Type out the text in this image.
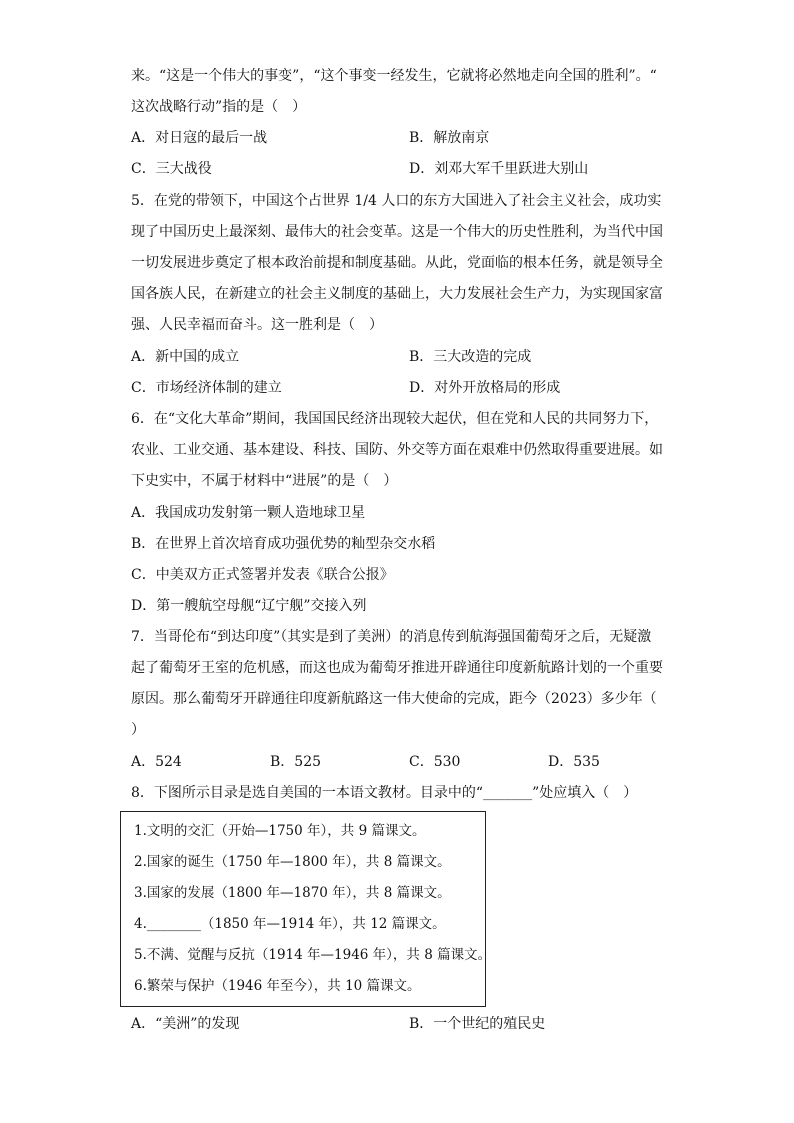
来。“这是一个伟大的事变”，“这个事变一经发生，它就将必然地走向全国的胜利”。“
这次战略行动”指的是（　）
A．对日寇的最后一战	B．解放南京
C．三大战役	D．刘邓大军千里跃进大别山
5．在党的带领下，中国这个占世界 1/4 人口的东方大国进入了社会主义社会，成功实
现了中国历史上最深刻、最伟大的社会变革。这是一个伟大的历史性胜利，为当代中国
一切发展进步奠定了根本政治前提和制度基础。从此，党面临的根本任务，就是领导全
国各族人民，在新建立的社会主义制度的基础上，大力发展社会生产力，为实现国家富
强、人民幸福而奋斗。这一胜利是（　）
A．新中国的成立	B．三大改造的完成
C．市场经济体制的建立	D．对外开放格局的形成
6．在“文化大革命”期间，我国国民经济出现较大起伏，但在党和人民的共同努力下，
农业、工业交通、基本建设、科技、国防、外交等方面在艰难中仍然取得重要进展。如
下史实中，不属于材料中“进展”的是（　）
A．我国成功发射第一颗人造地球卫星
B．在世界上首次培育成功强优势的籼型杂交水稻
C．中美双方正式签署并发表《联合公报》
D．第一艘航空母舰“辽宁舰”交接入列
7．当哥伦布“到达印度”（其实是到了美洲）的消息传到航海强国葡萄牙之后，无疑激
起了葡萄牙王室的危机感，而这也成为葡萄牙推进开辟通往印度新航路计划的一个重要
原因。那么葡萄牙开辟通往印度新航路这一伟大使命的完成，距今（2023）多少年（
）
A．524	B．525	C．530	D．535
8．下图所示目录是选自美国的一本语文教材。目录中的“_______”处应填入（　）
1.文明的交汇（开始—1750 年），共 9 篇课文。
2.国家的诞生（1750 年—1800 年），共 8 篇课文。
3.国家的发展（1800 年—1870 年），共 8 篇课文。
4.________（1850 年—1914 年），共 12 篇课文。
5.不满、觉醒与反抗（1914 年—1946 年），共 8 篇课文。
6.繁荣与保护（1946 年至今），共 10 篇课文。
A．“美洲”的发现	B．一个世纪的殖民史
